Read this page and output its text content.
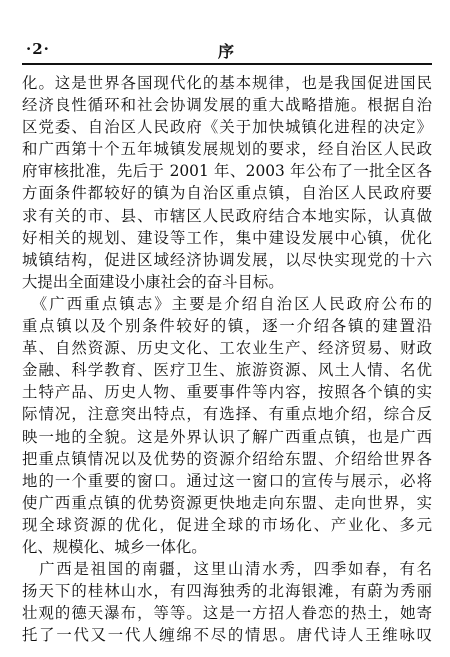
·2·	序
化。这是世界各国现代化的基本规律，也是我国促进国民
经济良性循环和社会协调发展的重大战略措施。根据自治
区党委、自治区人民政府《关于加快城镇化进程的决定》
和广西第十个五年城镇发展规划的要求，经自治区人民政
府审核批准，先后于 2001 年、2003 年公布了一批全区各
方面条件都较好的镇为自治区重点镇，自治区人民政府要
求有关的市、县、市辖区人民政府结合本地实际，认真做
好相关的规划、建设等工作，集中建设发展中心镇，优化
城镇结构，促进区域经济协调发展，以尽快实现党的十六
大提出全面建设小康社会的奋斗目标。
　《广西重点镇志》主要是介绍自治区人民政府公布的
重点镇以及个别条件较好的镇，逐一介绍各镇的建置沿
革、自然资源、历史文化、工农业生产、经济贸易、财政
金融、科学教育、医疗卫生、旅游资源、风土人情、名优
土特产品、历史人物、重要事件等内容，按照各个镇的实
际情况，注意突出特点，有选择、有重点地介绍，综合反
映一地的全貌。这是外界认识了解广西重点镇，也是广西
把重点镇情况以及优势的资源介绍给东盟、介绍给世界各
地的一个重要的窗口。通过这一窗口的宣传与展示，必将
使广西重点镇的优势资源更快地走向东盟、走向世界，实
现全球资源的优化，促进全球的市场化、产业化、多元
化、规模化、城乡一体化。
　广西是祖国的南疆，这里山清水秀，四季如春，有名
扬天下的桂林山水，有四海独秀的北海银滩，有蔚为秀丽
壮观的德天瀑布，等等。这是一方招人眷恋的热土，她寄
托了一代又一代人缠绵不尽的情思。唐代诗人王维咏叹
